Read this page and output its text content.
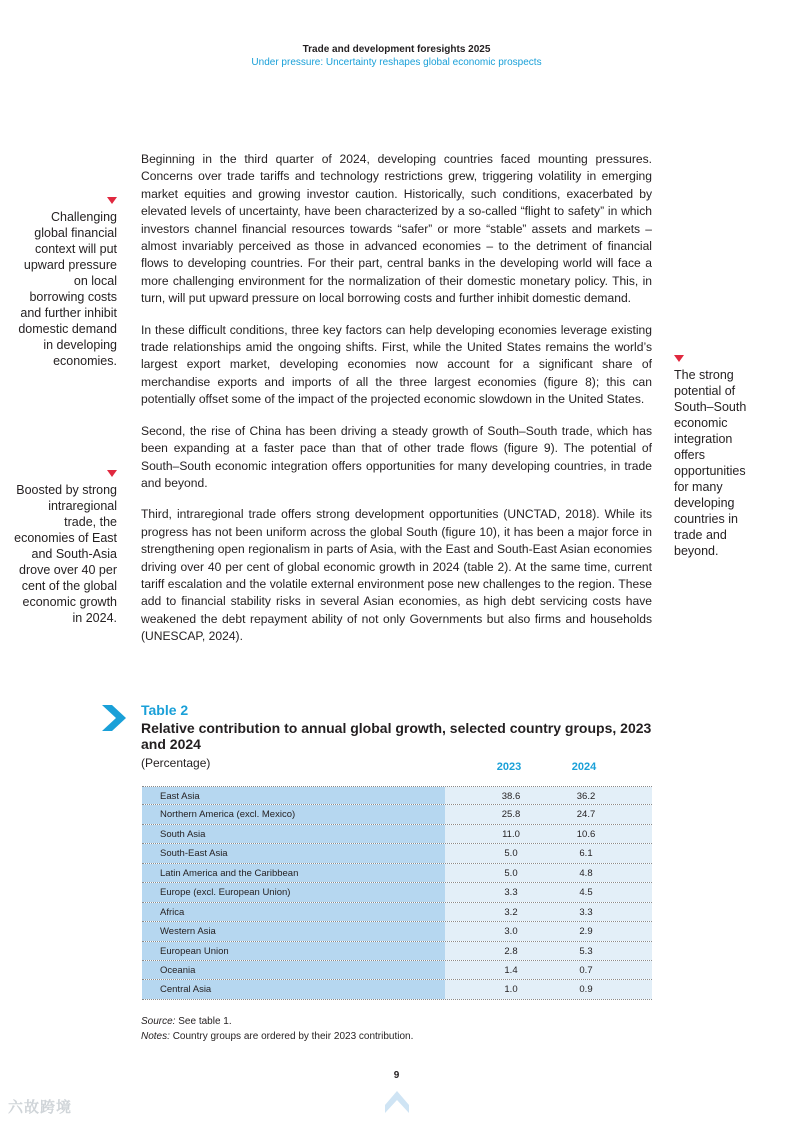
Trade and development foresights 2025
Under pressure: Uncertainty reshapes global economic prospects
Challenging global financial context will put upward pressure on local borrowing costs and further inhibit domestic demand in developing economies.
Boosted by strong intraregional trade, the economies of East and South-Asia drove over 40 per cent of the global economic growth in 2024.
The strong potential of South–South economic integration offers opportunities for many developing countries in trade and beyond.

Beginning in the third quarter of 2024, developing countries faced mounting pressures. Concerns over trade tariffs and technology restrictions grew, triggering volatility in emerging market equities and growing investor caution. Historically, such conditions, exacerbated by elevated levels of uncertainty, have been characterized by a so-called “flight to safety” in which investors channel financial resources towards “safer” or more “stable” assets and markets – almost invariably perceived as those in advanced economies – to the detriment of financial flows to developing countries. For their part, central banks in the developing world will face a more challenging environment for the normalization of their domestic monetary policy. This, in turn, will put upward pressure on local borrowing costs and further inhibit domestic demand.

In these difficult conditions, three key factors can help developing economies leverage existing trade relationships amid the ongoing shifts. First, while the United States remains the world’s largest export market, developing economies now account for a significant share of merchandise exports and imports of all the three largest economies (figure 8); this can potentially offset some of the impact of the projected economic slowdown in the United States.

Second, the rise of China has been driving a steady growth of South–South trade, which has been expanding at a faster pace than that of other trade flows (figure 9). The potential of South–South economic integration offers opportunities for many developing countries, in trade and beyond.

Third, intraregional trade offers strong development opportunities (UNCTAD, 2018). While its progress has not been uniform across the global South (figure 10), it has been a major force in strengthening open regionalism in parts of Asia, with the East and South-East Asian economies driving over 40 per cent of global economic growth in 2024 (table 2). At the same time, current tariff escalation and the volatile external environment pose new challenges to the region. These add to financial stability risks in several Asian economies, as high debt servicing costs have weakened the debt repayment ability of not only Governments but also firms and households (UNESCAP, 2024).

Table 2
Relative contribution to annual global growth, selected country groups, 2023 and 2024
(Percentage)	2023	2024
East Asia	38.6	36.2
Northern America (excl. Mexico)	25.8	24.7
South Asia	11.0	10.6
South-East Asia	5.0	6.1
Latin America and the Caribbean	5.0	4.8
Europe (excl. European Union)	3.3	4.5
Africa	3.2	3.3
Western Asia	3.0	2.9
European Union	2.8	5.3
Oceania	1.4	0.7
Central Asia	1.0	0.9
Source: See table 1.
Notes: Country groups are ordered by their 2023 contribution.
9
六故跨境
